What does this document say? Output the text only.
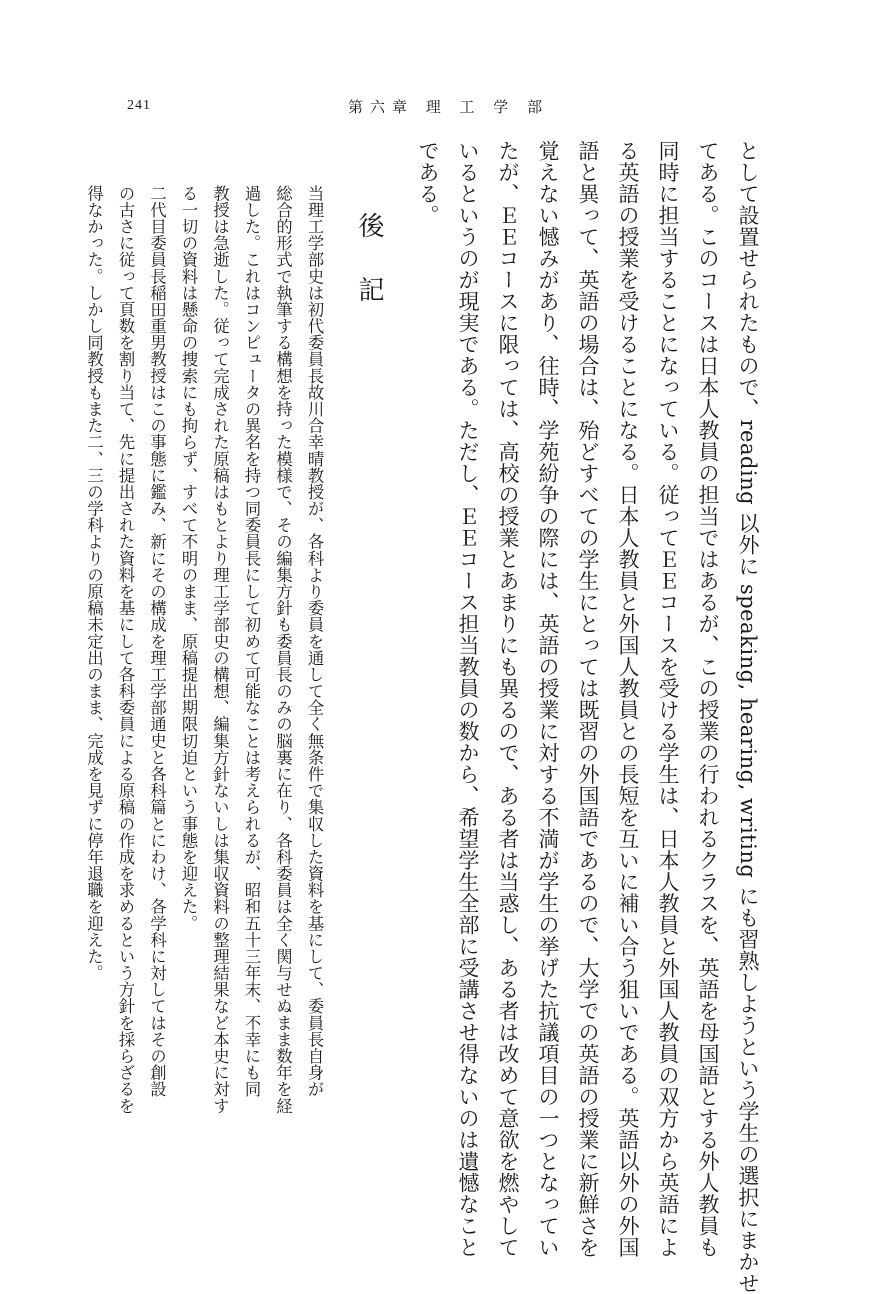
241	第六章 理 工 学 部
として設置せられたもので、reading 以外に speaking, hearing, writing にも習熟しようという学生の選択にまかせ
てある。このコースは日本人教員の担当ではあるが、この授業の行われるクラスを、英語を母国語とする外人教員も
同時に担当することになっている。従ってＥＥコースを受ける学生は、日本人教員と外国人教員の双方から英語によ
る英語の授業を受けることになる。日本人教員と外国人教員との長短を互いに補い合う狙いである。英語以外の外国
語と異って、英語の場合は、殆どすべての学生にとっては既習の外国語であるので、大学での英語の授業に新鮮さを
覚えない憾みがあり、往時、学苑紛争の際には、英語の授業に対する不満が学生の挙げた抗議項目の一つとなってい
たが、ＥＥコースに限っては、高校の授業とあまりにも異るので、ある者は当惑し、ある者は改めて意欲を燃やして
いるというのが現実である。ただし、ＥＥコース担当教員の数から、希望学生全部に受講させ得ないのは遺憾なこと
である。
後記
当理工学部史は初代委員長故川合幸晴教授が、各科より委員を通して全く無条件で集収した資料を基にして、委員長自身が
総合的形式で執筆する構想を持った模様で、その編集方針も委員長のみの脳裏に在り、各科委員は全く関与せぬまま数年を経
過した。これはコンピュータの異名を持つ同委員長にして初めて可能なことは考えられるが、昭和五十三年末、不幸にも同
教授は急逝した。従って完成された原稿はもとより理工学部史の構想、編集方針ないしは集収資料の整理結果など本史に対す
る一切の資料は懸命の捜索にも拘らず、すべて不明のまま、原稿提出期限切迫という事態を迎えた。
二代目委員長稲田重男教授はこの事態に鑑み、新にその構成を理工学部通史と各科篇とにわけ、各学科に対してはその創設
の古さに従って頁数を割り当て、先に提出された資料を基にして各科委員による原稿の作成を求めるという方針を採らざるを
得なかった。しかし同教授もまた二、三の学科よりの原稿未定出のまま、完成を見ずに停年退職を迎えた。
